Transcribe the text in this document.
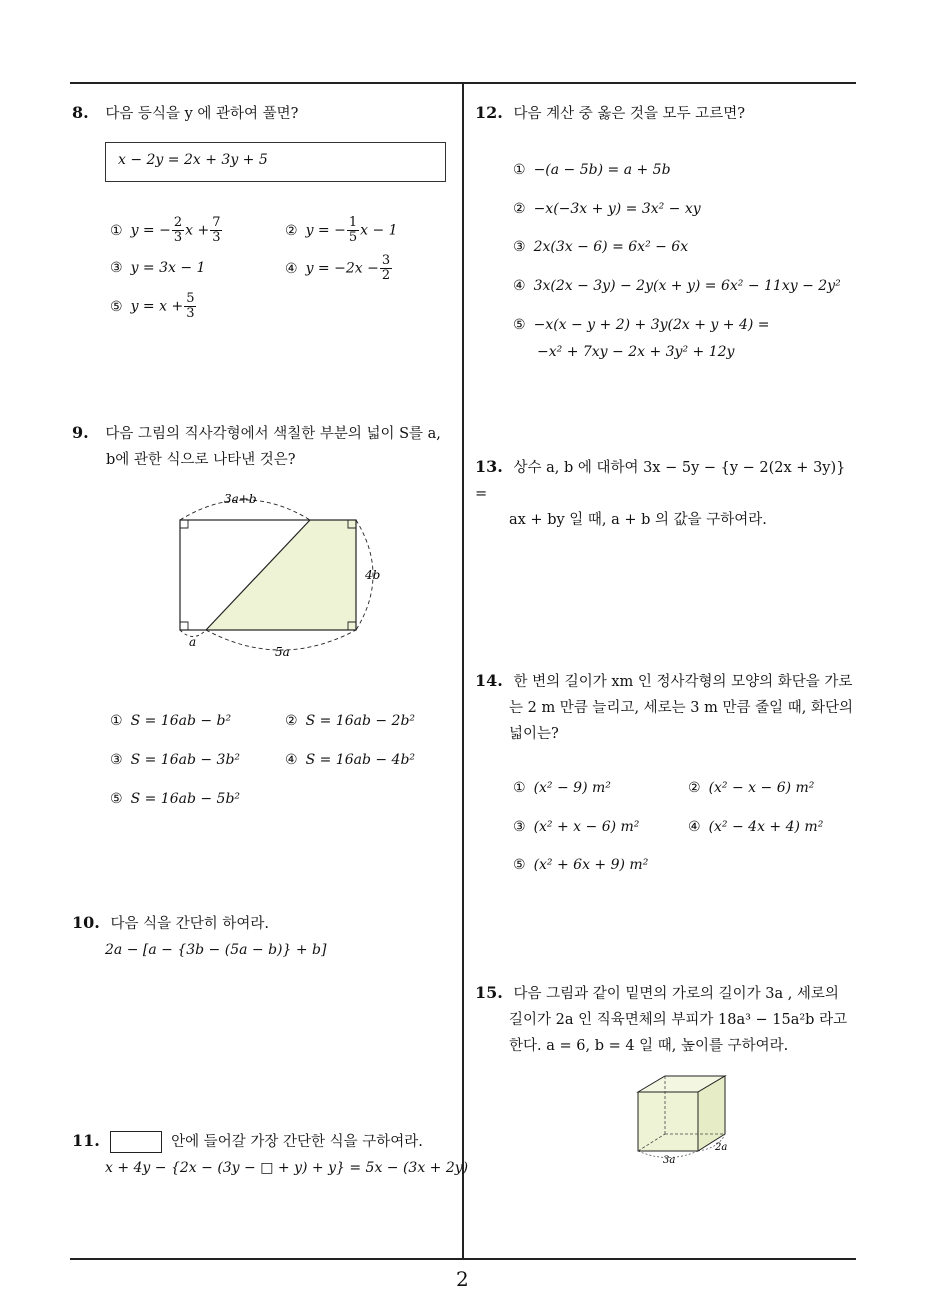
2
8. 다음 등식을 y 에 관하여 풀면?
x − 2y = 2x + 3y + 5
① y = − $\frac{2}{3}$ $x + \frac{7}{3}$	② y = − $\frac{1}{5}$ x − 1
③ y = 3x − 1	④ $y = -2x - \frac{3}{2}$
⑤ $y = x + \frac{5}{3}$
9. 다음 그림의 직사각형에서 색칠한 부분의 넓이 S를 a,
b에 관한 식으로 나타낸 것은?
3a+b
4b
a
5a
① S = 16ab − b²	② S = 16ab − 2b²
③ S = 16ab − 3b²	④ S = 16ab − 4b²
⑤ S = 16ab − 5b²
10. 다음 식을 간단히 하여라.
2a − [a − {3b − (5a − b)} + b]
11.	안에 들어갈 가장 간단한 식을 구하여라.
x + 4y − {2x − (3y − □ + y) + y} = 5x − (3x + 2y)
12. 다음 계산 중 옳은 것을 모두 고르면?
① −(a − 5b) = a + 5b
② −x(−3x + y) = 3x² − xy
③ 2x(3x − 6) = 6x² − 6x
④ 3x(2x − 3y) − 2y(x + y) = 6x² − 11xy − 2y²
⑤ −x(x − y + 2) + 3y(2x + y + 4) =
−x² + 7xy − 2x + 3y² + 12y
13. 상수 a, b 에 대하여 3x − 5y − {y − 2(2x + 3y)} =
ax + by 일 때, a + b 의 값을 구하여라.
14. 한 변의 길이가 xm 인 정사각형의 모양의 화단을 가로
는 2 m 만큼 늘리고, 세로는 3 m 만큼 줄일 때, 화단의
넓이는?
① (x² − 9) m²	② (x² − x − 6) m²
③ (x² + x − 6) m²	④ (x² − 4x + 4) m²
⑤ (x² + 6x + 9) m²
15. 다음 그림과 같이 밑면의 가로의 길이가 3a , 세로의
길이가 2a 인 직육면체의 부피가 18a³ − 15a²b 라고
한다. a = 6, b = 4 일 때, 높이를 구하여라.
3a
2a
